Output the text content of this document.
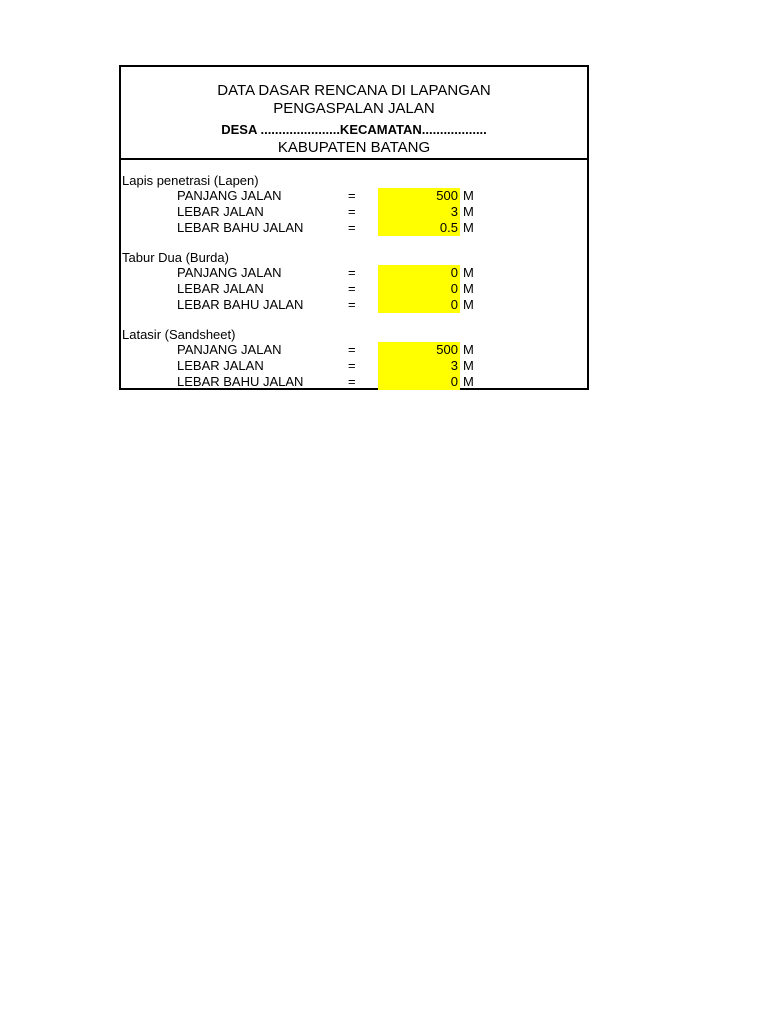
DATA DASAR RENCANA DI LAPANGAN
PENGASPALAN JALAN
DESA ......................KECAMATAN..................
KABUPATEN BATANG
Lapis penetrasi (Lapen)
PANJANG JALAN	=	500 M
LEBAR JALAN	=	3 M
LEBAR BAHU JALAN	=	0.5 M
Tabur Dua (Burda)
PANJANG JALAN	=	0 M
LEBAR JALAN	=	0 M
LEBAR BAHU JALAN	=	0 M
Latasir (Sandsheet)
PANJANG JALAN	=	500 M
LEBAR JALAN	=	3 M
LEBAR BAHU JALAN	=	0 M
